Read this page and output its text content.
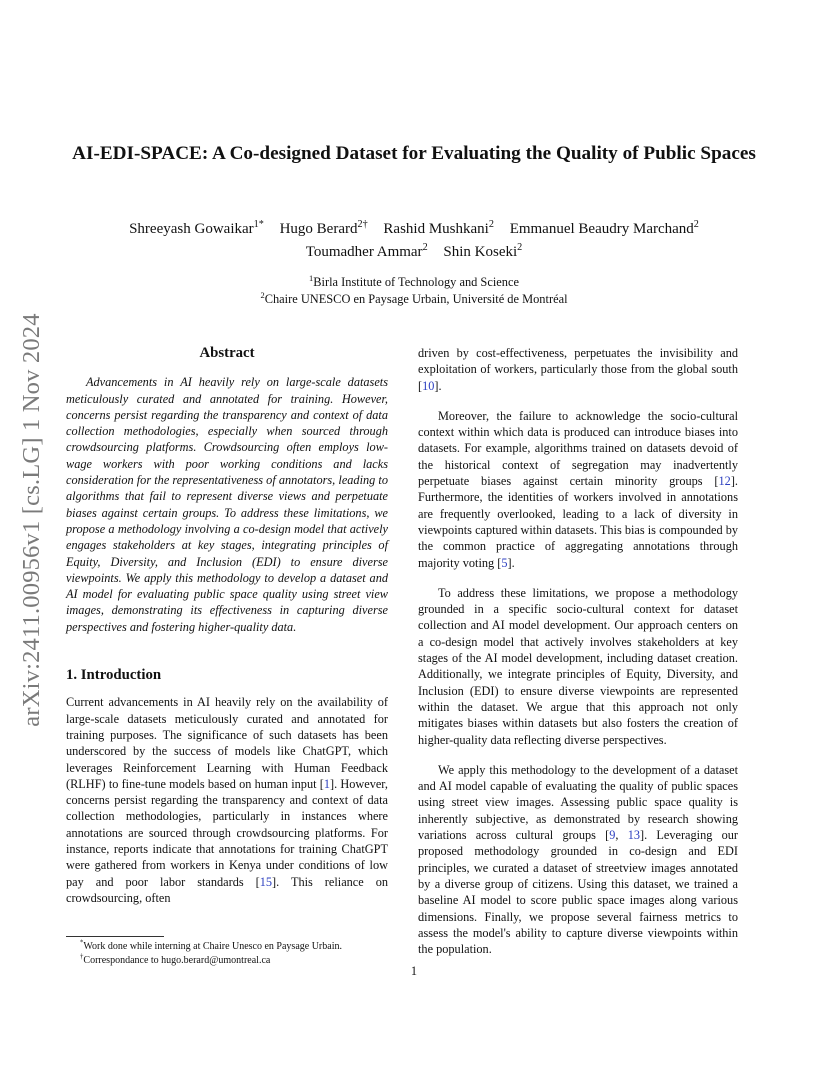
arXiv:2411.00956v1 [cs.LG] 1 Nov 2024
AI-EDI-SPACE: A Co-designed Dataset for Evaluating the Quality of Public Spaces
Shreeyash Gowaikar$^{1*}$ Hugo Berard$^{2\dagger}$ Rashid Mushkani$^2$ Emmanuel Beaudry Marchand$^2$
Toumadher Ammar$^2$ Shin Koseki$^2$
$^1$Birla Institute of Technology and Science
$^2$Chaire UNESCO en Paysage Urbain, Université de Montréal
Abstract

Advancements in AI heavily rely on large-scale datasets meticulously curated and annotated for training. However, concerns persist regarding the transparency and context of data collection methodologies, especially when sourced through crowdsourcing platforms. Crowdsourcing often employs low-wage workers with poor working conditions and lacks consideration for the representativeness of annotators, leading to algorithms that fail to represent diverse views and perpetuate biases against certain groups. To address these limitations, we propose a methodology involving a co-design model that actively engages stakeholders at key stages, integrating principles of Equity, Diversity, and Inclusion (EDI) to ensure diverse viewpoints. We apply this methodology to develop a dataset and AI model for evaluating public space quality using street view images, demonstrating its effectiveness in capturing diverse perspectives and fostering higher-quality data.

1. Introduction

Current advancements in AI heavily rely on the availability of large-scale datasets meticulously curated and annotated for training purposes. The significance of such datasets has been underscored by the success of models like ChatGPT, which leverages Reinforcement Learning with Human Feedback (RLHF) to fine-tune models based on human input [1]. However, concerns persist regarding the transparency and context of data collection methodologies, particularly in instances where annotations are sourced through crowdsourcing platforms. For instance, reports indicate that annotations for training ChatGPT were gathered from workers in Kenya under conditions of low pay and poor labor standards [15]. This reliance on crowdsourcing, often

driven by cost-effectiveness, perpetuates the invisibility and exploitation of workers, particularly those from the global south [10].

Moreover, the failure to acknowledge the socio-cultural context within which data is produced can introduce biases into datasets. For example, algorithms trained on datasets devoid of the historical context of segregation may inadvertently perpetuate biases against certain minority groups [12]. Furthermore, the identities of workers involved in annotations are frequently overlooked, leading to a lack of diversity in viewpoints captured within datasets. This bias is compounded by the common practice of aggregating annotations through majority voting [5].

To address these limitations, we propose a methodology grounded in a specific socio-cultural context for dataset collection and AI model development. Our approach centers on a co-design model that actively involves stakeholders at key stages of the AI model development, including dataset creation. Additionally, we integrate principles of Equity, Diversity, and Inclusion (EDI) to ensure diverse viewpoints are represented within the dataset. We argue that this approach not only mitigates biases within datasets but also fosters the creation of higher-quality data reflecting diverse perspectives.

We apply this methodology to the development of a dataset and AI model capable of evaluating the quality of public spaces using street view images. Assessing public space quality is inherently subjective, as demonstrated by research showing variations across cultural groups [9, 13]. Leveraging our proposed methodology grounded in co-design and EDI principles, we curated a dataset of streetview images annotated by a diverse group of citizens. Using this dataset, we trained a baseline AI model to score public space images along various dimensions. Finally, we propose several fairness metrics to assess the model's ability to capture diverse viewpoints within the population.

*Work done while interning at Chaire Unesco en Paysage Urbain.
†Correspondance to hugo.berard@umontreal.ca
1
